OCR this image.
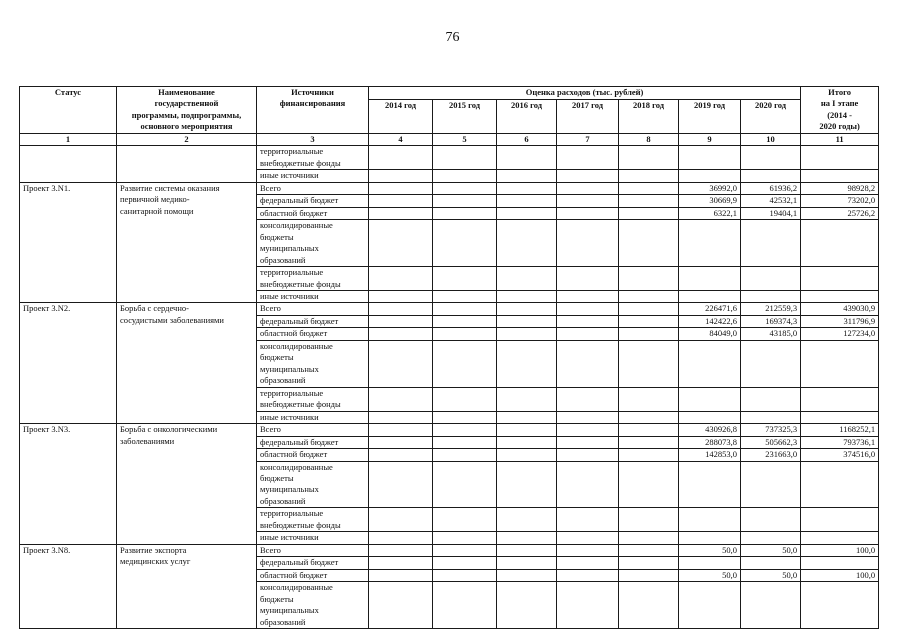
76
Статус	Наименование
государственной
программы, подпрограммы,
основного мероприятия	Источники
финансирования	Оценка расходов (тыс. рублей)							Итого
на I этапе
(2014 -
2020 годы)

			2014 год	2015 год	2016 год	2017 год	2018 год	2019 год	2020 год	
1	2	3	4	5	6	7	8	9	10	11

		территориальные
внебюджетные фонды								

		иные источники								

Проект 3.N1.	Развитие системы оказания
первичной медико-
санитарной помощи	Всего						36992,0	61936,2	98928,2

		федеральный бюджет						30669,9	42532,1	73202,0

		областной бюджет						6322,1	19404,1	25726,2

		консолидированные
бюджеты
муниципальных
образований								

		территориальные
внебюджетные фонды								

		иные источники								

Проект 3.N2.	Борьба с сердечно-
сосудистыми заболеваниями	Всего						226471,6	212559,3	439030,9

		федеральный бюджет						142422,6	169374,3	311796,9

		областной бюджет						84049,0	43185,0	127234,0

		консолидированные
бюджеты
муниципальных
образований								

		территориальные
внебюджетные фонды								

		иные источники								

Проект 3.N3.	Борьба с онкологическими
заболеваниями	Всего						430926,8	737325,3	1168252,1

		федеральный бюджет						288073,8	505662,3	793736,1

		областной бюджет						142853,0	231663,0	374516,0

		консолидированные
бюджеты
муниципальных
образований								

		территориальные
внебюджетные фонды								

		иные источники								

Проект 3.N8.	Развитие экспорта
медицинских услуг	Всего						50,0	50,0	100,0

		федеральный бюджет								

		областной бюджет						50,0	50,0	100,0

		консолидированные
бюджеты
муниципальных
образований								
